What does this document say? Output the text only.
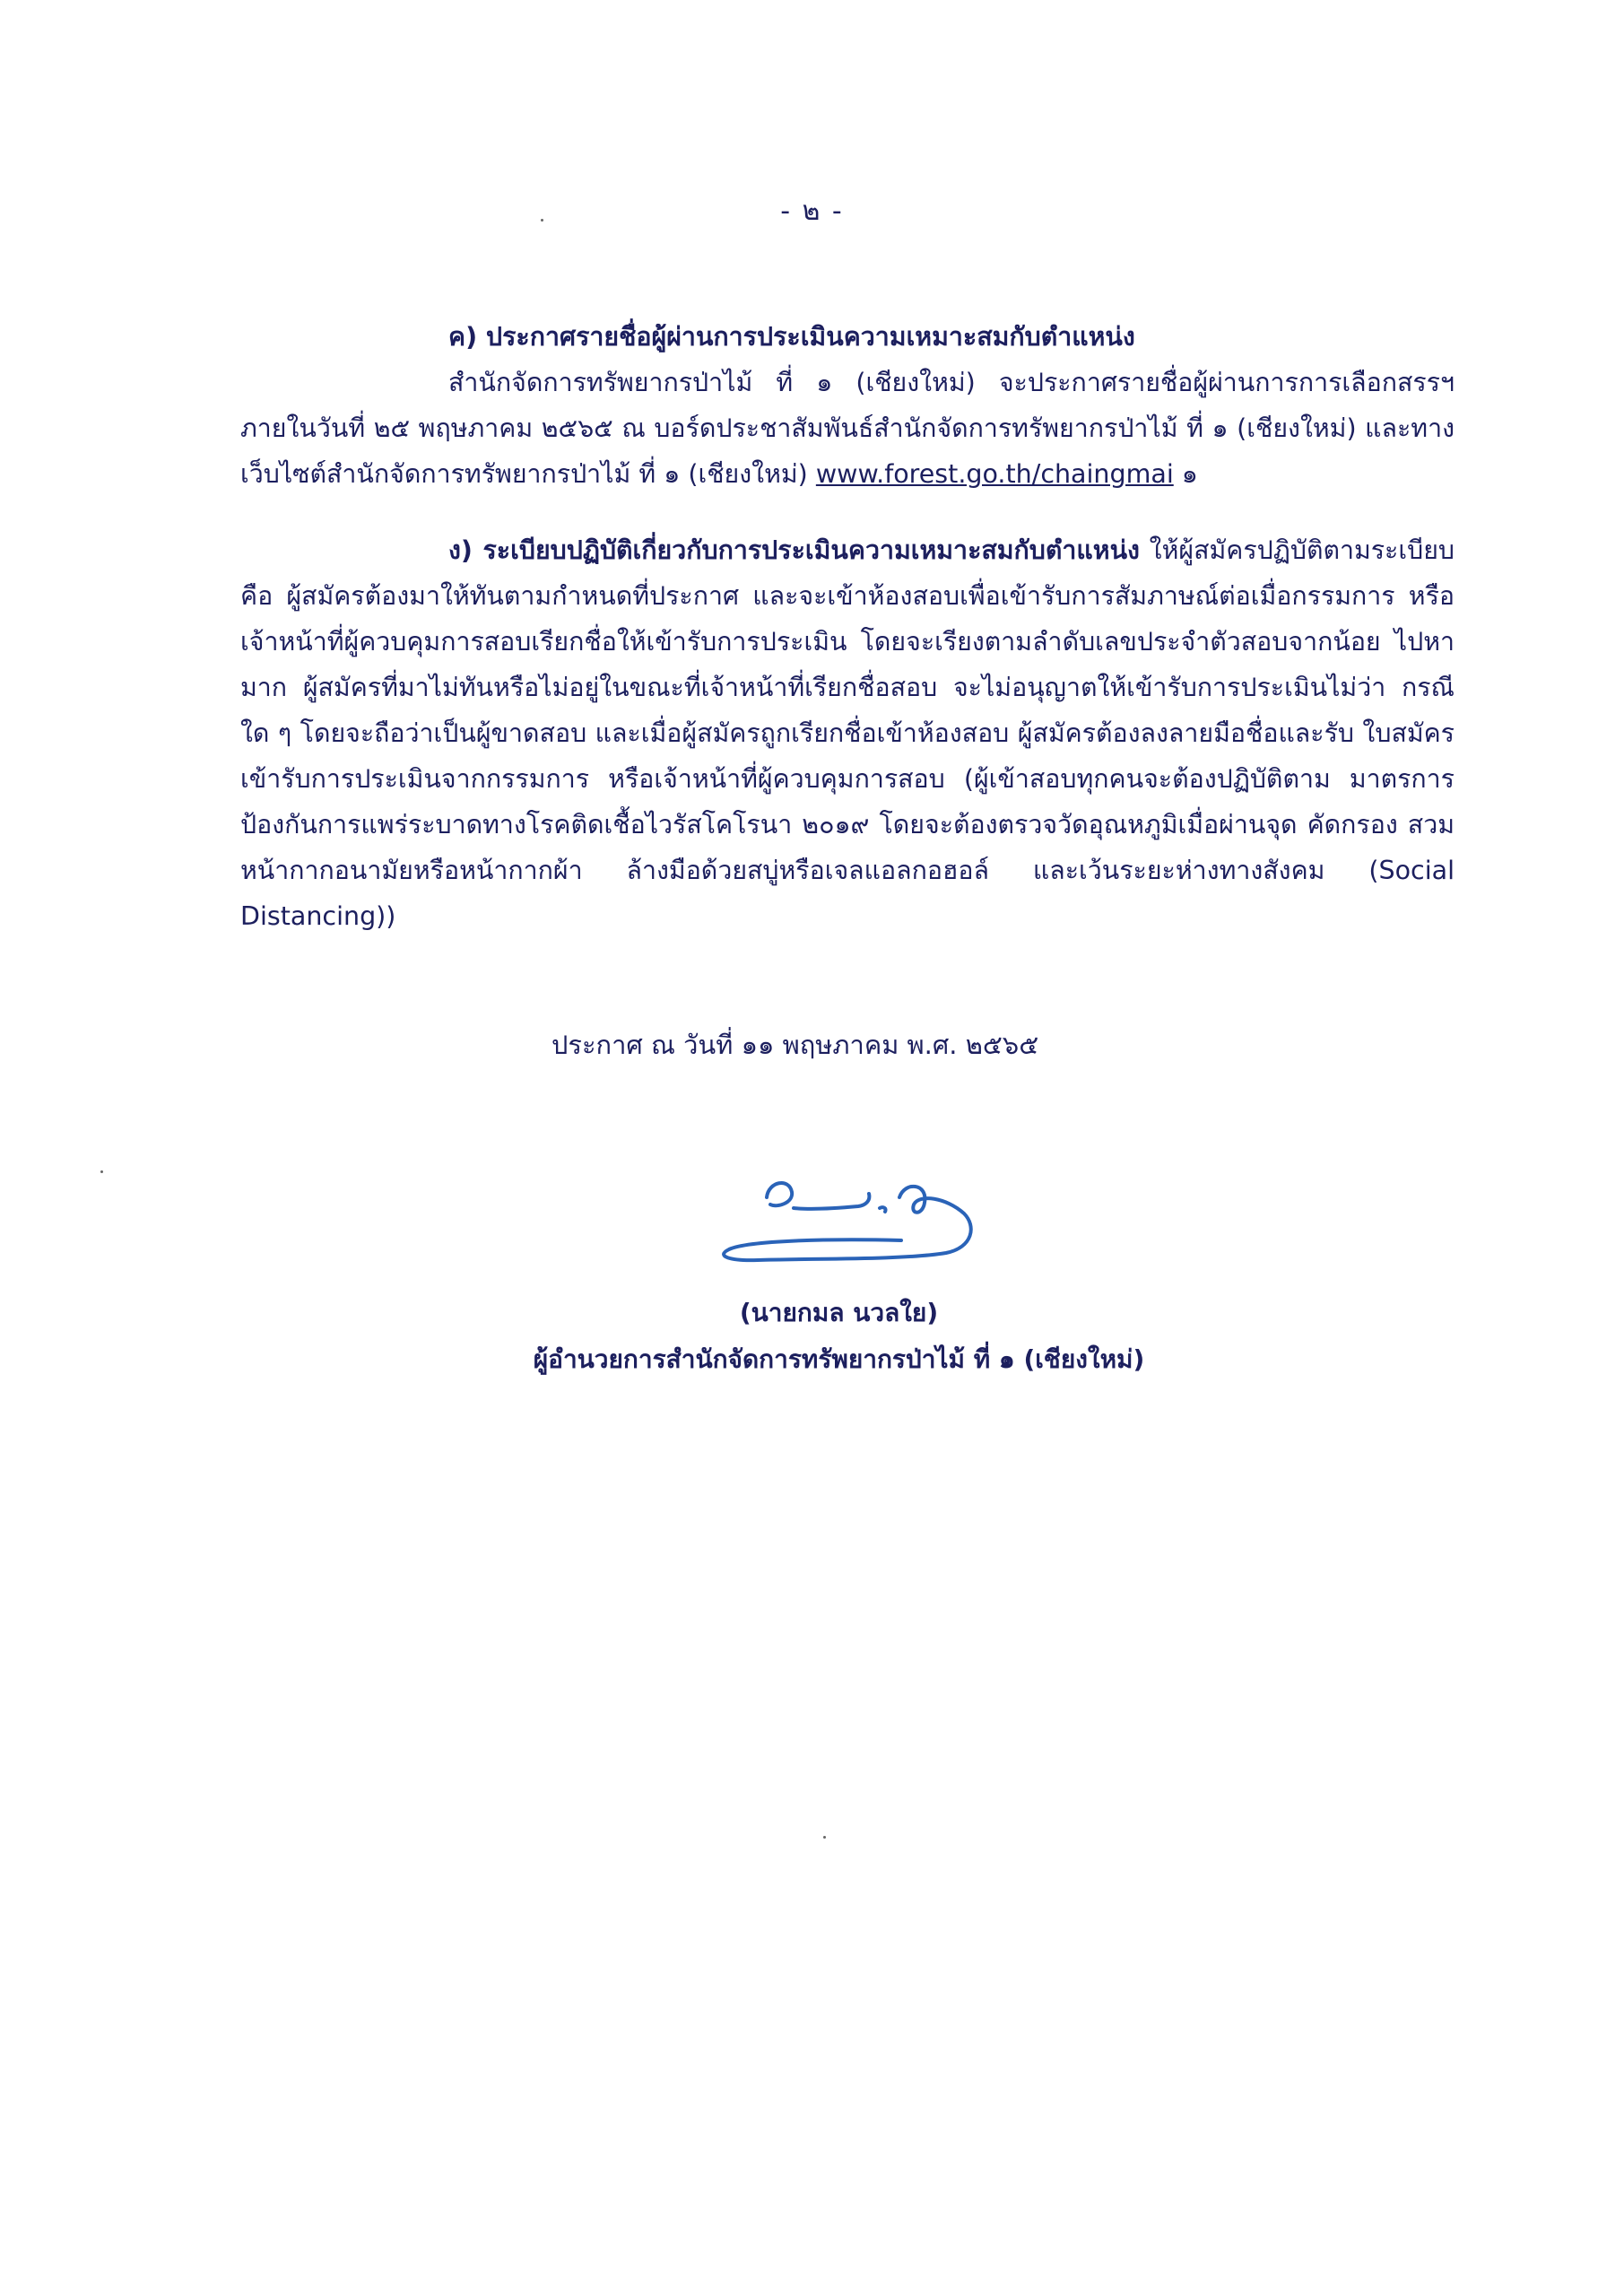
- ๒ -

ค) ประกาศรายชื่อผู้ผ่านการประเมินความเหมาะสมกับตำแหน่ง

สำนักจัดการทรัพยากรป่าไม้ ที่ ๑ (เชียงใหม่) จะประกาศรายชื่อผู้ผ่านการการเลือกสรรฯ ภายในวันที่ ๒๕ พฤษภาคม ๒๕๖๕ ณ บอร์ดประชาสัมพันธ์สำนักจัดการทรัพยากรป่าไม้ ที่ ๑ (เชียงใหม่) และทาง เว็บไซต์สำนักจัดการทรัพยากรป่าไม้ ที่ ๑ (เชียงใหม่) www.forest.go.th/chaingmai ๑

ง) ระเบียบปฏิบัติเกี่ยวกับการประเมินความเหมาะสมกับตำแหน่ง ให้ผู้สมัครปฏิบัติตามระเบียบ คือ ผู้สมัครต้องมาให้ทันตามกำหนดที่ประกาศ และจะเข้าห้องสอบเพื่อเข้ารับการสัมภาษณ์ต่อเมื่อกรรมการ หรือเจ้าหน้าที่ผู้ควบคุมการสอบเรียกชื่อให้เข้ารับการประเมิน โดยจะเรียงตามลำดับเลขประจำตัวสอบจากน้อย ไปหามาก ผู้สมัครที่มาไม่ทันหรือไม่อยู่ในขณะที่เจ้าหน้าที่เรียกชื่อสอบ จะไม่อนุญาตให้เข้ารับการประเมินไม่ว่า กรณีใด ๆ โดยจะถือว่าเป็นผู้ขาดสอบ และเมื่อผู้สมัครถูกเรียกชื่อเข้าห้องสอบ ผู้สมัครต้องลงลายมือชื่อและรับ ใบสมัครเข้ารับการประเมินจากกรรมการ หรือเจ้าหน้าที่ผู้ควบคุมการสอบ (ผู้เข้าสอบทุกคนจะต้องปฏิบัติตาม มาตรการป้องกันการแพร่ระบาดทางโรคติดเชื้อไวรัสโคโรนา ๒๐๑๙ โดยจะต้องตรวจวัดอุณหภูมิเมื่อผ่านจุด คัดกรอง สวมหน้ากากอนามัยหรือหน้ากากผ้า ล้างมือด้วยสบู่หรือเจลแอลกอฮอล์ และเว้นระยะห่างทางสังคม (Social Distancing))

ประกาศ ณ วันที่ ๑๑ พฤษภาคม พ.ศ. ๒๕๖๕
(นายกมล นวลใย)
ผู้อำนวยการสำนักจัดการทรัพยากรป่าไม้ ที่ ๑ (เชียงใหม่)
